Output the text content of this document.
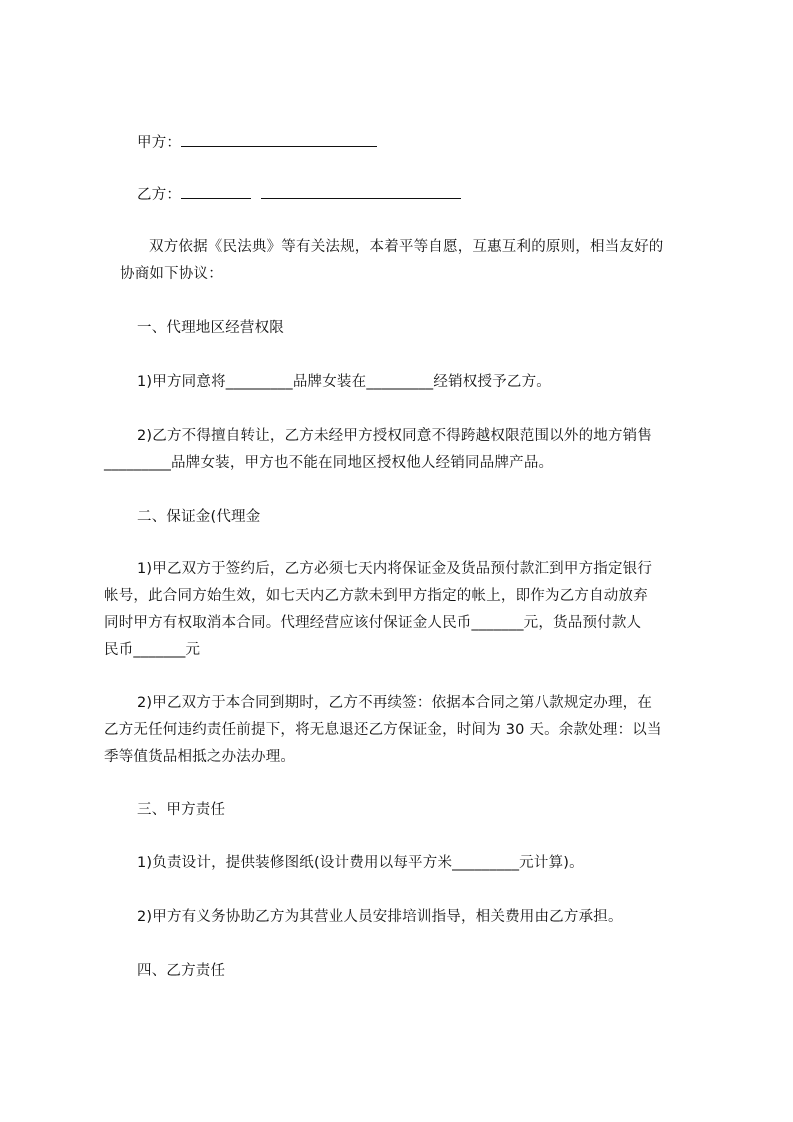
甲方：
乙方：
双方依据《民法典》等有关法规，本着平等自愿，互惠互利的原则，相当友好的
协商如下协议：
一、代理地区经营权限
1)甲方同意将_________品牌女装在_________经销权授予乙方。
2)乙方不得擅自转让，乙方未经甲方授权同意不得跨越权限范围以外的地方销售
_________品牌女装，甲方也不能在同地区授权他人经销同品牌产品。
二、保证金(代理金
1)甲乙双方于签约后，乙方必须七天内将保证金及货品预付款汇到甲方指定银行
帐号，此合同方始生效，如七天内乙方款未到甲方指定的帐上，即作为乙方自动放弃
同时甲方有权取消本合同。代理经营应该付保证金人民币_______元，货品预付款人
民币_______元
2)甲乙双方于本合同到期时，乙方不再续签：依据本合同之第八款规定办理，在
乙方无任何违约责任前提下，将无息退还乙方保证金，时间为 30 天。余款处理：以当
季等值货品相抵之办法办理。
三、甲方责任
1)负责设计，提供装修图纸(设计费用以每平方米_________元计算)。
2)甲方有义务协助乙方为其营业人员安排培训指导，相关费用由乙方承担。
四、乙方责任
